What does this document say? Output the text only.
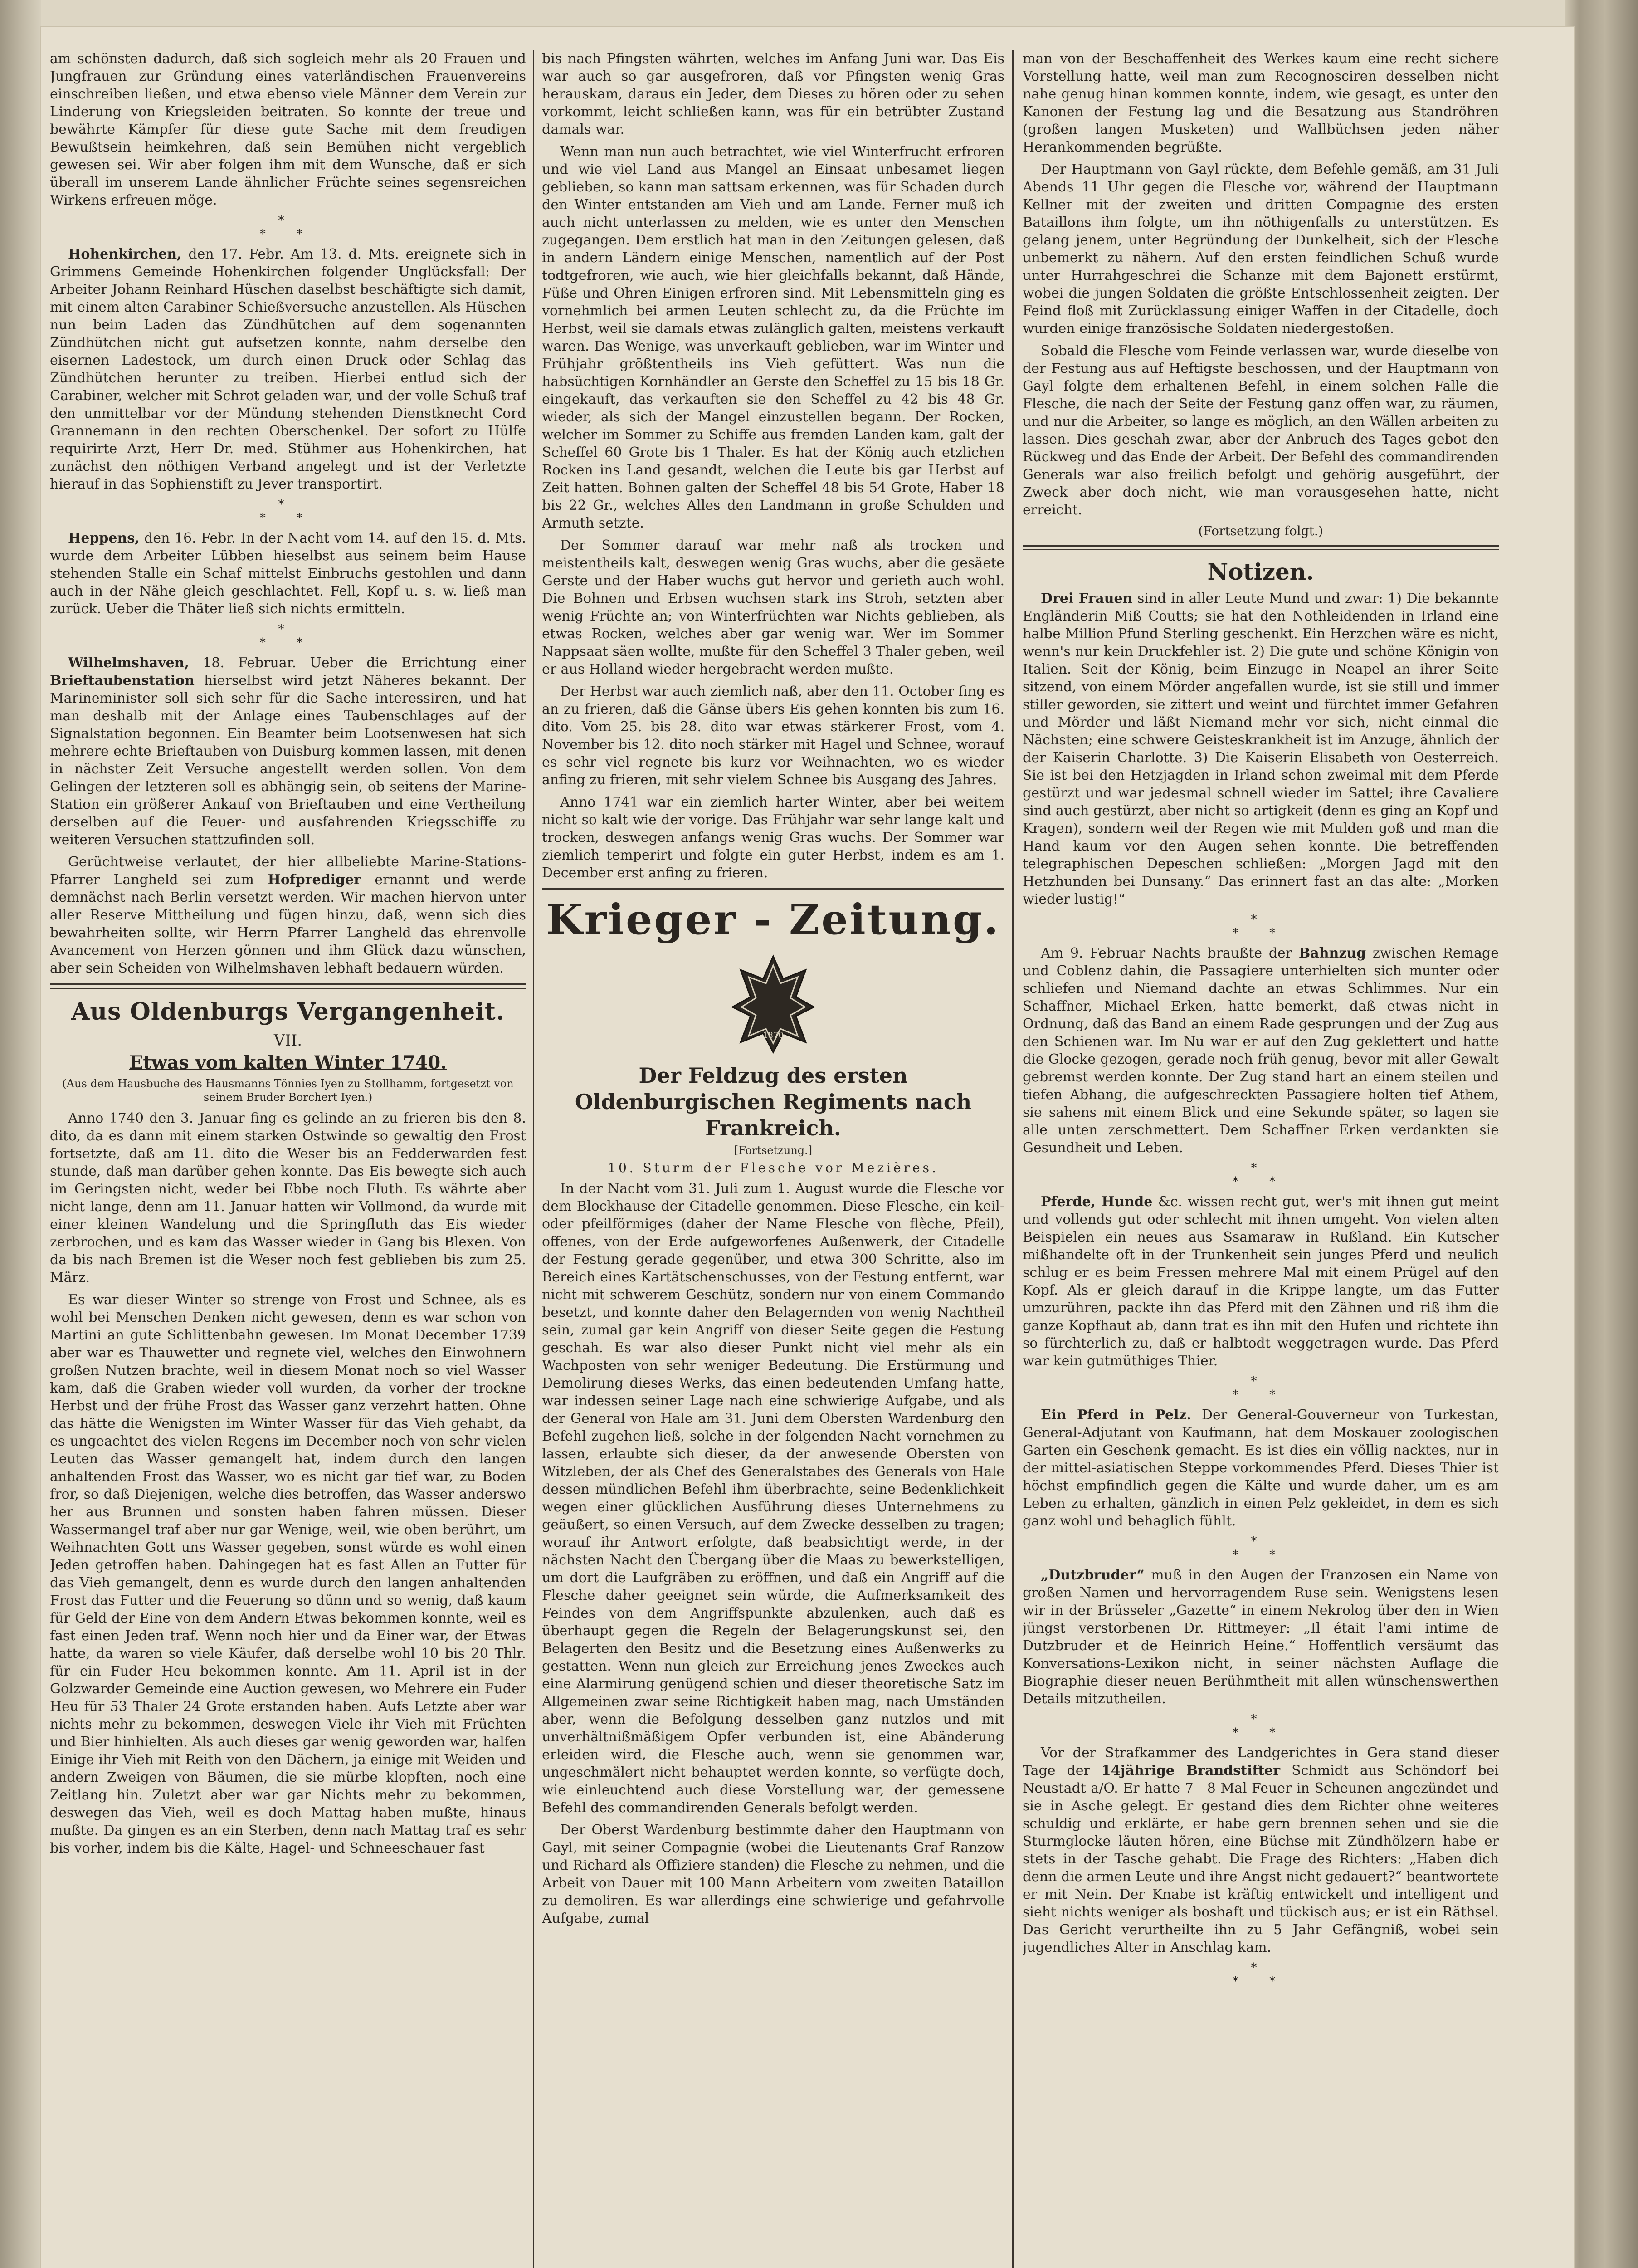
am schönsten dadurch, daß sich sogleich mehr als 20 Frauen und Jungfrauen zur Gründung eines vaterländischen Frauenvereins einschreiben ließen, und etwa ebenso viele Männer dem Verein zur Linderung von Kriegsleiden beitraten. So konnte der treue und bewährte Kämpfer für diese gute Sache mit dem freudigen Bewußtsein heimkehren, daß sein Bemühen nicht vergeblich gewesen sei. Wir aber folgen ihm mit dem Wunsche, daß er sich überall im unserem Lande ähnlicher Früchte seines segensreichen Wirkens erfreuen möge.

*
* *

Hohenkirchen, den 17. Febr. Am 13. d. Mts. ereignete sich in Grimmens Gemeinde Hohenkirchen folgender Unglücksfall: Der Arbeiter Johann Reinhard Hüschen daselbst beschäftigte sich damit, mit einem alten Carabiner Schießversuche anzustellen. Als Hüschen nun beim Laden das Zündhütchen auf dem sogenannten Zündhütchen nicht gut aufsetzen konnte, nahm derselbe den eisernen Ladestock, um durch einen Druck oder Schlag das Zündhütchen herunter zu treiben. Hierbei entlud sich der Carabiner, welcher mit Schrot geladen war, und der volle Schuß traf den unmittelbar vor der Mündung stehenden Dienstknecht Cord Grannemann in den rechten Oberschenkel. Der sofort zu Hülfe requirirte Arzt, Herr Dr. med. Stühmer aus Hohenkirchen, hat zunächst den nöthigen Verband angelegt und ist der Verletzte hierauf in das Sophienstift zu Jever transportirt.

*
* *

Heppens, den 16. Febr. In der Nacht vom 14. auf den 15. d. Mts. wurde dem Arbeiter Lübben hieselbst aus seinem beim Hause stehenden Stalle ein Schaf mittelst Einbruchs gestohlen und dann auch in der Nähe gleich geschlachtet. Fell, Kopf u. s. w. ließ man zurück. Ueber die Thäter ließ sich nichts ermitteln.

*
* *

Wilhelmshaven, 18. Februar. Ueber die Errichtung einer Brieftaubenstation hierselbst wird jetzt Näheres bekannt. Der Marineminister soll sich sehr für die Sache interessiren, und hat man deshalb mit der Anlage eines Taubenschlages auf der Signalstation begonnen. Ein Beamter beim Lootsenwesen hat sich mehrere echte Brieftauben von Duisburg kommen lassen, mit denen in nächster Zeit Versuche angestellt werden sollen. Von dem Gelingen der letzteren soll es abhängig sein, ob seitens der Marine-Station ein größerer Ankauf von Brieftauben und eine Vertheilung derselben auf die Feuer- und ausfahrenden Kriegsschiffe zu weiteren Versuchen stattzufinden soll.

Gerüchtweise verlautet, der hier allbeliebte Marine-Stations-Pfarrer Langheld sei zum Hofprediger ernannt und werde demnächst nach Berlin versetzt werden. Wir machen hiervon unter aller Reserve Mittheilung und fügen hinzu, daß, wenn sich dies bewahrheiten sollte, wir Herrn Pfarrer Langheld das ehrenvolle Avancement von Herzen gönnen und ihm Glück dazu wünschen, aber sein Scheiden von Wilhelmshaven lebhaft bedauern würden.

Aus Oldenburgs Vergangenheit.
VII.
Etwas vom kalten Winter 1740.
(Aus dem Hausbuche des Hausmanns Tönnies Iyen zu Stollhamm, fortgesetzt von seinem Bruder Borchert Iyen.)

Anno 1740 den 3. Januar fing es gelinde an zu frieren bis den 8. dito, da es dann mit einem starken Ostwinde so gewaltig den Frost fortsetzte, daß am 11. dito die Weser bis an Fedderwarden fest stunde, daß man darüber gehen konnte. Das Eis bewegte sich auch im Geringsten nicht, weder bei Ebbe noch Fluth. Es währte aber nicht lange, denn am 11. Januar hatten wir Vollmond, da wurde mit einer kleinen Wandelung und die Springfluth das Eis wieder zerbrochen, und es kam das Wasser wieder in Gang bis Blexen. Von da bis nach Bremen ist die Weser noch fest geblieben bis zum 25. März.

Es war dieser Winter so strenge von Frost und Schnee, als es wohl bei Menschen Denken nicht gewesen, denn es war schon von Martini an gute Schlittenbahn gewesen. Im Monat December 1739 aber war es Thauwetter und regnete viel, welches den Einwohnern großen Nutzen brachte, weil in diesem Monat noch so viel Wasser kam, daß die Graben wieder voll wurden, da vorher der trockne Herbst und der frühe Frost das Wasser ganz verzehrt hatten. Ohne das hätte die Wenigsten im Winter Wasser für das Vieh gehabt, da es ungeachtet des vielen Regens im December noch von sehr vielen Leuten das Wasser gemangelt hat, indem durch den langen anhaltenden Frost das Wasser, wo es nicht gar tief war, zu Boden fror, so daß Diejenigen, welche dies betroffen, das Wasser anderswo her aus Brunnen und sonsten haben fahren müssen. Dieser Wassermangel traf aber nur gar Wenige, weil, wie oben berührt, um Weihnachten Gott uns Wasser gegeben, sonst würde es wohl einen Jeden getroffen haben. Dahingegen hat es fast Allen an Futter für das Vieh gemangelt, denn es wurde durch den langen anhaltenden Frost das Futter und die Feuerung so dünn und so wenig, daß kaum für Geld der Eine von dem Andern Etwas bekommen konnte, weil es fast einen Jeden traf. Wenn noch hier und da Einer war, der Etwas hatte, da waren so viele Käufer, daß derselbe wohl 10 bis 20 Thlr. für ein Fuder Heu bekommen konnte. Am 11. April ist in der Golzwarder Gemeinde eine Auction gewesen, wo Mehrere ein Fuder Heu für 53 Thaler 24 Grote erstanden haben. Aufs Letzte aber war nichts mehr zu bekommen, deswegen Viele ihr Vieh mit Früchten und Bier hinhielten. Als auch dieses gar wenig geworden war, halfen Einige ihr Vieh mit Reith von den Dächern, ja einige mit Weiden und andern Zweigen von Bäumen, die sie mürbe klopften, noch eine Zeitlang hin. Zuletzt aber war gar Nichts mehr zu bekommen, deswegen das Vieh, weil es doch Mattag haben mußte, hinaus mußte. Da gingen es an ein Sterben, denn nach Mattag traf es sehr bis vorher, indem bis die Kälte, Hagel- und Schneeschauer fast

bis nach Pfingsten währten, welches im Anfang Juni war. Das Eis war auch so gar ausgefroren, daß vor Pfingsten wenig Gras herauskam, daraus ein Jeder, dem Dieses zu hören oder zu sehen vorkommt, leicht schließen kann, was für ein betrübter Zustand damals war.

Wenn man nun auch betrachtet, wie viel Winterfrucht erfroren und wie viel Land aus Mangel an Einsaat unbesamet liegen geblieben, so kann man sattsam erkennen, was für Schaden durch den Winter entstanden am Vieh und am Lande. Ferner muß ich auch nicht unterlassen zu melden, wie es unter den Menschen zugegangen. Dem erstlich hat man in den Zeitungen gelesen, daß in andern Ländern einige Menschen, namentlich auf der Post todtgefroren, wie auch, wie hier gleichfalls bekannt, daß Hände, Füße und Ohren Einigen erfroren sind. Mit Lebensmitteln ging es vornehmlich bei armen Leuten schlecht zu, da die Früchte im Herbst, weil sie damals etwas zulänglich galten, meistens verkauft waren. Das Wenige, was unverkauft geblieben, war im Winter und Frühjahr größtentheils ins Vieh gefüttert. Was nun die habsüchtigen Kornhändler an Gerste den Scheffel zu 15 bis 18 Gr. eingekauft, das verkauften sie den Scheffel zu 42 bis 48 Gr. wieder, als sich der Mangel einzustellen begann. Der Rocken, welcher im Sommer zu Schiffe aus fremden Landen kam, galt der Scheffel 60 Grote bis 1 Thaler. Es hat der König auch etzlichen Rocken ins Land gesandt, welchen die Leute bis gar Herbst auf Zeit hatten. Bohnen galten der Scheffel 48 bis 54 Grote, Haber 18 bis 22 Gr., welches Alles den Landmann in große Schulden und Armuth setzte.

Der Sommer darauf war mehr naß als trocken und meistentheils kalt, deswegen wenig Gras wuchs, aber die gesäete Gerste und der Haber wuchs gut hervor und gerieth auch wohl. Die Bohnen und Erbsen wuchsen stark ins Stroh, setzten aber wenig Früchte an; von Winterfrüchten war Nichts geblieben, als etwas Rocken, welches aber gar wenig war. Wer im Sommer Nappsaat säen wollte, mußte für den Scheffel 3 Thaler geben, weil er aus Holland wieder hergebracht werden mußte.

Der Herbst war auch ziemlich naß, aber den 11. October fing es an zu frieren, daß die Gänse übers Eis gehen konnten bis zum 16. dito. Vom 25. bis 28. dito war etwas stärkerer Frost, vom 4. November bis 12. dito noch stärker mit Hagel und Schnee, worauf es sehr viel regnete bis kurz vor Weihnachten, wo es wieder anfing zu frieren, mit sehr vielem Schnee bis Ausgang des Jahres.

Anno 1741 war ein ziemlich harter Winter, aber bei weitem nicht so kalt wie der vorige. Das Frühjahr war sehr lange kalt und trocken, deswegen anfangs wenig Gras wuchs. Der Sommer war ziemlich temperirt und folgte ein guter Herbst, indem es am 1. December erst anfing zu frieren.

Krieger - Zeitung.
1870
Der Feldzug des ersten Oldenburgischen Regiments nach Frankreich.
[Fortsetzung.]
10. Sturm der Flesche vor Mezières.

In der Nacht vom 31. Juli zum 1. August wurde die Flesche vor dem Blockhause der Citadelle genommen. Diese Flesche, ein keil- oder pfeilförmiges (daher der Name Flesche von flèche, Pfeil), offenes, von der Erde aufgeworfenes Außenwerk, der Citadelle der Festung gerade gegenüber, und etwa 300 Schritte, also im Bereich eines Kartätschenschusses, von der Festung entfernt, war nicht mit schwerem Geschütz, sondern nur von einem Commando besetzt, und konnte daher den Belagernden von wenig Nachtheil sein, zumal gar kein Angriff von dieser Seite gegen die Festung geschah. Es war also dieser Punkt nicht viel mehr als ein Wachposten von sehr weniger Bedeutung. Die Erstürmung und Demolirung dieses Werks, das einen bedeutenden Umfang hatte, war indessen seiner Lage nach eine schwierige Aufgabe, und als der General von Hale am 31. Juni dem Obersten Wardenburg den Befehl zugehen ließ, solche in der folgenden Nacht vornehmen zu lassen, erlaubte sich dieser, da der anwesende Obersten von Witzleben, der als Chef des Generalstabes des Generals von Hale dessen mündlichen Befehl ihm überbrachte, seine Bedenklichkeit wegen einer glücklichen Ausführung dieses Unternehmens zu geäußert, so einen Versuch, auf dem Zwecke desselben zu tragen; worauf ihr Antwort erfolgte, daß beabsichtigt werde, in der nächsten Nacht den Übergang über die Maas zu bewerkstelligen, um dort die Laufgräben zu eröffnen, und daß ein Angriff auf die Flesche daher geeignet sein würde, die Aufmerksamkeit des Feindes von dem Angriffspunkte abzulenken, auch daß es überhaupt gegen die Regeln der Belagerungskunst sei, den Belagerten den Besitz und die Besetzung eines Außenwerks zu gestatten. Wenn nun gleich zur Erreichung jenes Zweckes auch eine Alarmirung genügend schien und dieser theoretische Satz im Allgemeinen zwar seine Richtigkeit haben mag, nach Umständen aber, wenn die Befolgung desselben ganz nutzlos und mit unverhältnißmäßigem Opfer verbunden ist, eine Abänderung erleiden wird, die Flesche auch, wenn sie genommen war, ungeschmälert nicht behauptet werden konnte, so verfügte doch, wie einleuchtend auch diese Vorstellung war, der gemessene Befehl des commandirenden Generals befolgt werden.

Der Oberst Wardenburg bestimmte daher den Hauptmann von Gayl, mit seiner Compagnie (wobei die Lieutenants Graf Ranzow und Richard als Offiziere standen) die Flesche zu nehmen, und die Arbeit von Dauer mit 100 Mann Arbeitern vom zweiten Bataillon zu demoliren. Es war allerdings eine schwierige und gefahrvolle Aufgabe, zumal

man von der Beschaffenheit des Werkes kaum eine recht sichere Vorstellung hatte, weil man zum Recognosciren desselben nicht nahe genug hinan kommen konnte, indem, wie gesagt, es unter den Kanonen der Festung lag und die Besatzung aus Standröhren (großen langen Musketen) und Wallbüchsen jeden näher Herankommenden begrüßte.

Der Hauptmann von Gayl rückte, dem Befehle gemäß, am 31 Juli Abends 11 Uhr gegen die Flesche vor, während der Hauptmann Kellner mit der zweiten und dritten Compagnie des ersten Bataillons ihm folgte, um ihn nöthigenfalls zu unterstützen. Es gelang jenem, unter Begründung der Dunkelheit, sich der Flesche unbemerkt zu nähern. Auf den ersten feindlichen Schuß wurde unter Hurrahgeschrei die Schanze mit dem Bajonett erstürmt, wobei die jungen Soldaten die größte Entschlossenheit zeigten. Der Feind floß mit Zurücklassung einiger Waffen in der Citadelle, doch wurden einige französische Soldaten niedergestoßen.

Sobald die Flesche vom Feinde verlassen war, wurde dieselbe von der Festung aus auf Heftigste beschossen, und der Hauptmann von Gayl folgte dem erhaltenen Befehl, in einem solchen Falle die Flesche, die nach der Seite der Festung ganz offen war, zu räumen, und nur die Arbeiter, so lange es möglich, an den Wällen arbeiten zu lassen. Dies geschah zwar, aber der Anbruch des Tages gebot den Rückweg und das Ende der Arbeit. Der Befehl des commandirenden Generals war also freilich befolgt und gehörig ausgeführt, der Zweck aber doch nicht, wie man vorausgesehen hatte, nicht erreicht.

(Fortsetzung folgt.)
Notizen.

Drei Frauen sind in aller Leute Mund und zwar: 1) Die bekannte Engländerin Miß Coutts; sie hat den Nothleidenden in Irland eine halbe Million Pfund Sterling geschenkt. Ein Herzchen wäre es nicht, wenn's nur kein Druckfehler ist. 2) Die gute und schöne Königin von Italien. Seit der König, beim Einzuge in Neapel an ihrer Seite sitzend, von einem Mörder angefallen wurde, ist sie still und immer stiller geworden, sie zittert und weint und fürchtet immer Gefahren und Mörder und läßt Niemand mehr vor sich, nicht einmal die Nächsten; eine schwere Geisteskrankheit ist im Anzuge, ähnlich der der Kaiserin Charlotte. 3) Die Kaiserin Elisabeth von Oesterreich. Sie ist bei den Hetzjagden in Irland schon zweimal mit dem Pferde gestürzt und war jedesmal schnell wieder im Sattel; ihre Cavaliere sind auch gestürzt, aber nicht so artigkeit (denn es ging an Kopf und Kragen), sondern weil der Regen wie mit Mulden goß und man die Hand kaum vor den Augen sehen konnte. Die betreffenden telegraphischen Depeschen schließen: „Morgen Jagd mit den Hetzhunden bei Dunsany.“ Das erinnert fast an das alte: „Morken wieder lustig!“

*
* *

Am 9. Februar Nachts braußte der Bahnzug zwischen Remage und Coblenz dahin, die Passagiere unterhielten sich munter oder schliefen und Niemand dachte an etwas Schlimmes. Nur ein Schaffner, Michael Erken, hatte bemerkt, daß etwas nicht in Ordnung, daß das Band an einem Rade gesprungen und der Zug aus den Schienen war. Im Nu war er auf den Zug geklettert und hatte die Glocke gezogen, gerade noch früh genug, bevor mit aller Gewalt gebremst werden konnte. Der Zug stand hart an einem steilen und tiefen Abhang, die aufgeschreckten Passagiere holten tief Athem, sie sahens mit einem Blick und eine Sekunde später, so lagen sie alle unten zerschmettert. Dem Schaffner Erken verdankten sie Gesundheit und Leben.

*
* *

Pferde, Hunde &c. wissen recht gut, wer's mit ihnen gut meint und vollends gut oder schlecht mit ihnen umgeht. Von vielen alten Beispielen ein neues aus Ssamaraw in Rußland. Ein Kutscher mißhandelte oft in der Trunkenheit sein junges Pferd und neulich schlug er es beim Fressen mehrere Mal mit einem Prügel auf den Kopf. Als er gleich darauf in die Krippe langte, um das Futter umzurühren, packte ihn das Pferd mit den Zähnen und riß ihm die ganze Kopfhaut ab, dann trat es ihn mit den Hufen und richtete ihn so fürchterlich zu, daß er halbtodt weggetragen wurde. Das Pferd war kein gutmüthiges Thier.

*
* *

Ein Pferd in Pelz. Der General-Gouverneur von Turkestan, General-Adjutant von Kaufmann, hat dem Moskauer zoologischen Garten ein Geschenk gemacht. Es ist dies ein völlig nacktes, nur in der mittel-asiatischen Steppe vorkommendes Pferd. Dieses Thier ist höchst empfindlich gegen die Kälte und wurde daher, um es am Leben zu erhalten, gänzlich in einen Pelz gekleidet, in dem es sich ganz wohl und behaglich fühlt.

*
* *

„Dutzbruder“ muß in den Augen der Franzosen ein Name von großen Namen und hervorragendem Ruse sein. Wenigstens lesen wir in der Brüsseler „Gazette“ in einem Nekrolog über den in Wien jüngst verstorbenen Dr. Rittmeyer: „Il était l'ami intime de Dutzbruder et de Heinrich Heine.“ Hoffentlich versäumt das Konversations-Lexikon nicht, in seiner nächsten Auflage die Biographie dieser neuen Berühmtheit mit allen wünschenswerthen Details mitzutheilen.

*
* *

Vor der Strafkammer des Landgerichtes in Gera stand dieser Tage der 14jährige Brandstifter Schmidt aus Schöndorf bei Neustadt a/O. Er hatte 7—8 Mal Feuer in Scheunen angezündet und sie in Asche gelegt. Er gestand dies dem Richter ohne weiteres schuldig und erklärte, er habe gern brennen sehen und sie die Sturmglocke läuten hören, eine Büchse mit Zündhölzern habe er stets in der Tasche gehabt. Die Frage des Richters: „Haben dich denn die armen Leute und ihre Angst nicht gedauert?“ beantwortete er mit Nein. Der Knabe ist kräftig entwickelt und intelligent und sieht nichts weniger als boshaft und tückisch aus; er ist ein Räthsel. Das Gericht verurtheilte ihn zu 5 Jahr Gefängniß, wobei sein jugendliches Alter in Anschlag kam.

*
* *
